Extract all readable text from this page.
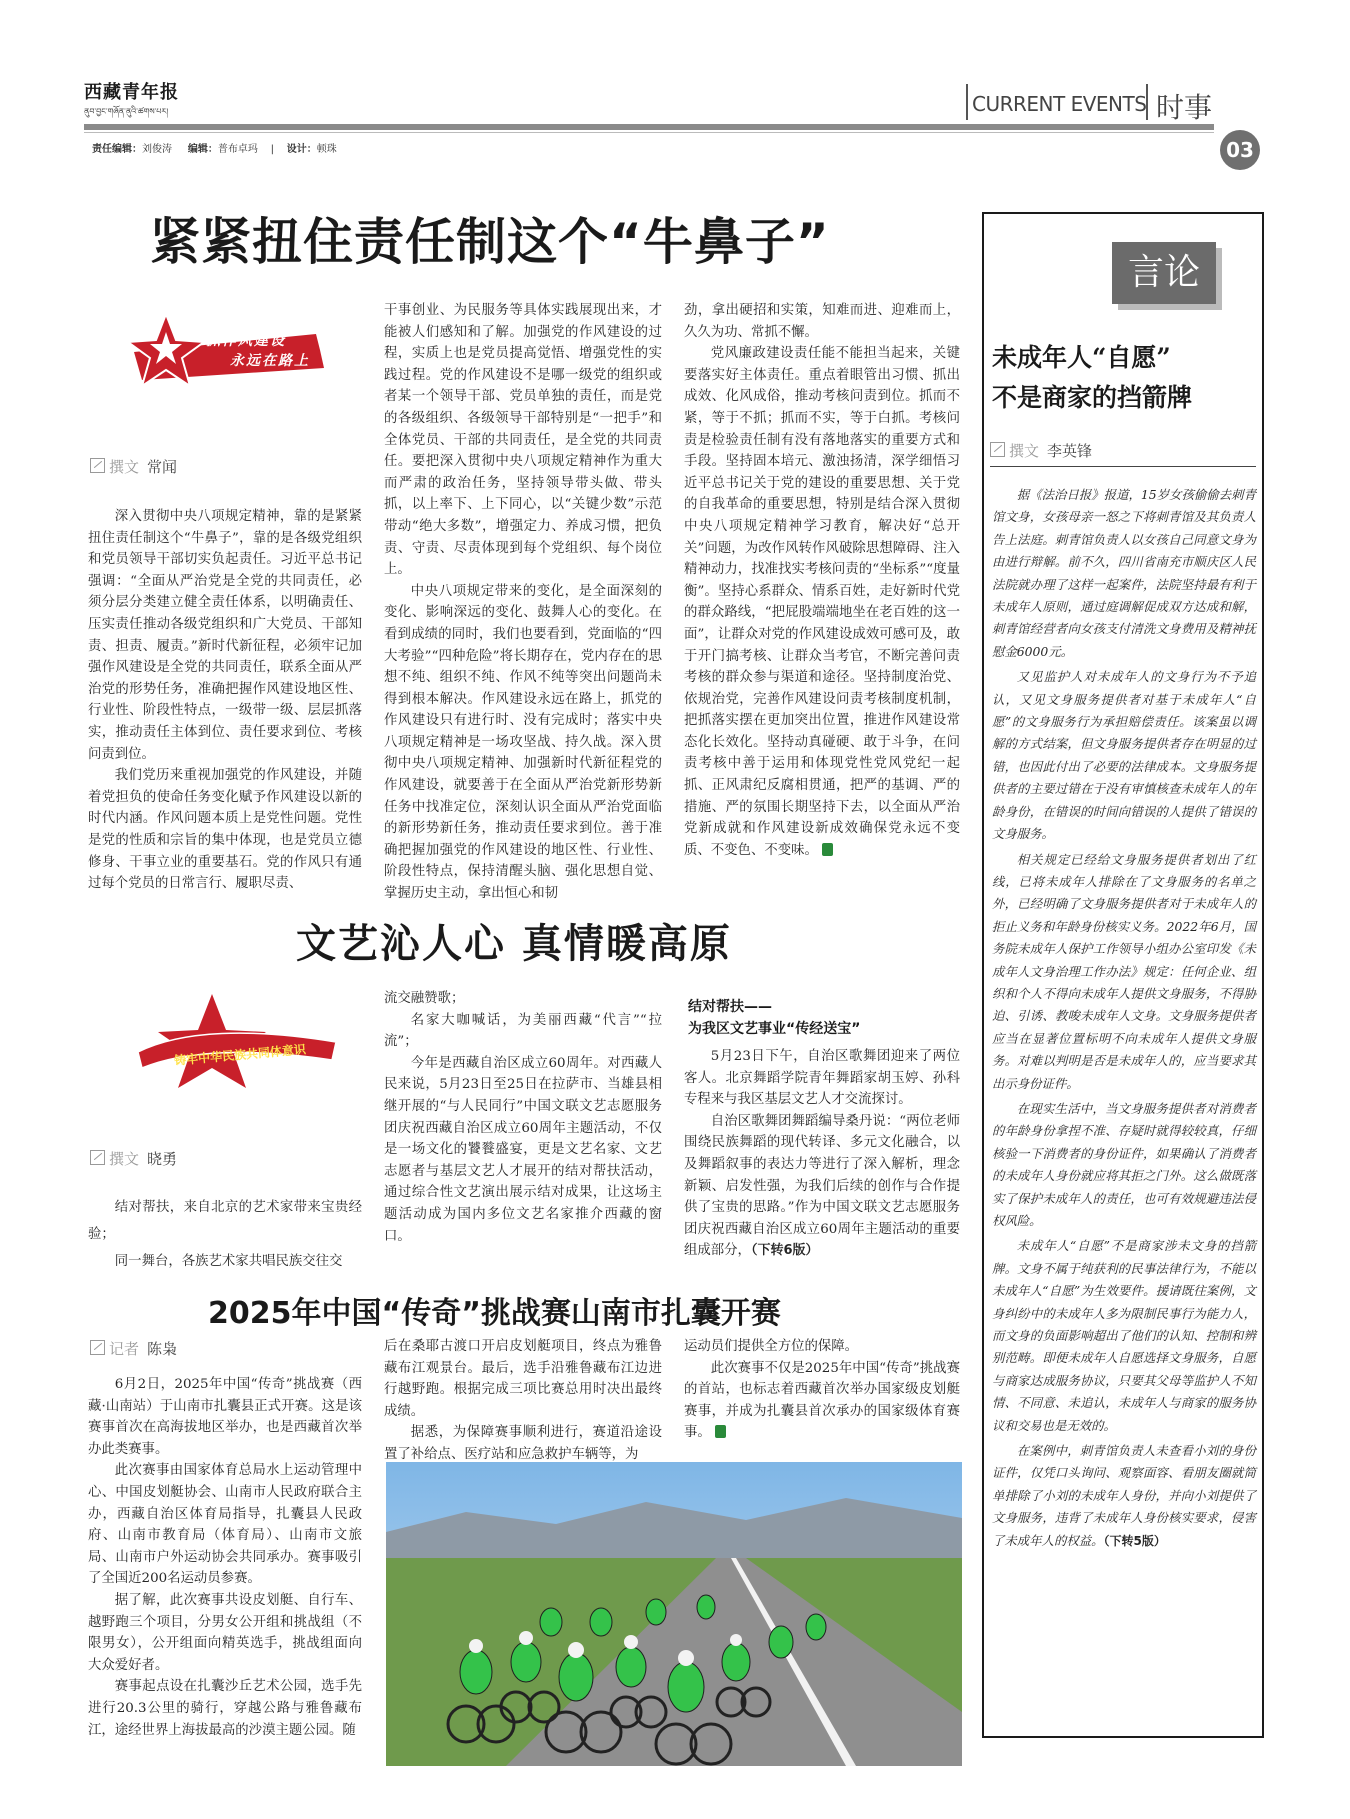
西藏青年报
ནུབ་བྱང་གཞོན་ནུའི་ཚགས་པར།	CURRENT EVENTS 时事
03
责任编辑：刘俊涛 编辑：普布卓玛 | 设计：顿珠
紧紧扭住责任制这个“牛鼻子”
抓作风建设
永远在路上
撰文 常闻

深入贯彻中央八项规定精神，靠的是紧紧扭住责任制这个“牛鼻子”，靠的是各级党组织和党员领导干部切实负起责任。习近平总书记强调：“全面从严治党是全党的共同责任，必须分层分类建立健全责任体系，以明确责任、压实责任推动各级党组织和广大党员、干部知责、担责、履责。”新时代新征程，必须牢记加强作风建设是全党的共同责任，联系全面从严治党的形势任务，准确把握作风建设地区性、行业性、阶段性特点，一级带一级、层层抓落实，推动责任主体到位、责任要求到位、考核问责到位。

我们党历来重视加强党的作风建设，并随着党担负的使命任务变化赋予作风建设以新的时代内涵。作风问题本质上是党性问题。党性是党的性质和宗旨的集中体现，也是党员立德修身、干事立业的重要基石。党的作风只有通过每个党员的日常言行、履职尽责、

干事创业、为民服务等具体实践展现出来，才能被人们感知和了解。加强党的作风建设的过程，实质上也是党员提高觉悟、增强党性的实践过程。党的作风建设不是哪一级党的组织或者某一个领导干部、党员单独的责任，而是党的各级组织、各级领导干部特别是“一把手”和全体党员、干部的共同责任，是全党的共同责任。要把深入贯彻中央八项规定精神作为重大而严肃的政治任务，坚持领导带头做、带头抓，以上率下、上下同心，以“关键少数”示范带动“绝大多数”，增强定力、养成习惯，把负责、守责、尽责体现到每个党组织、每个岗位上。

中央八项规定带来的变化，是全面深刻的变化、影响深远的变化、鼓舞人心的变化。在看到成绩的同时，我们也要看到，党面临的“四大考验”“四种危险”将长期存在，党内存在的思想不纯、组织不纯、作风不纯等突出问题尚未得到根本解决。作风建设永远在路上，抓党的作风建设只有进行时、没有完成时；落实中央八项规定精神是一场攻坚战、持久战。深入贯彻中央八项规定精神、加强新时代新征程党的作风建设，就要善于在全面从严治党新形势新任务中找准定位，深刻认识全面从严治党面临的新形势新任务，推动责任要求到位。善于准确把握加强党的作风建设的地区性、行业性、阶段性特点，保持清醒头脑、强化思想自觉、掌握历史主动，拿出恒心和韧

劲，拿出硬招和实策，知难而进、迎难而上，久久为功、常抓不懈。

党风廉政建设责任能不能担当起来，关键要落实好主体责任。重点着眼管出习惯、抓出成效、化风成俗，推动考核问责到位。抓而不紧，等于不抓；抓而不实，等于白抓。考核问责是检验责任制有没有落地落实的重要方式和手段。坚持固本培元、激浊扬清，深学细悟习近平总书记关于党的建设的重要思想、关于党的自我革命的重要思想，特别是结合深入贯彻中央八项规定精神学习教育，解决好“总开关”问题，为改作风转作风破除思想障碍、注入精神动力，找准找实考核问责的“坐标系”“度量衡”。坚持心系群众、情系百姓，走好新时代党的群众路线，“把屁股端端地坐在老百姓的这一面”，让群众对党的作风建设成效可感可及，敢于开门搞考核、让群众当考官，不断完善问责考核的群众参与渠道和途径。坚持制度治党、依规治党，完善作风建设问责考核制度机制，把抓落实摆在更加突出位置，推进作风建设常态化长效化。坚持动真碰硬、敢于斗争，在问责考核中善于运用和体现党性党风党纪一起抓、正风肃纪反腐相贯通，把严的基调、严的措施、严的氛围长期坚持下去，以全面从严治党新成就和作风建设新成效确保党永远不变质、不变色、不变味。

文艺沁人心 真情暖高原
铸牢中华民族共同体意识
撰文 晓勇

结对帮扶，来自北京的艺术家带来宝贵经验；

同一舞台，各族艺术家共唱民族交往交

流交融赞歌；

名家大咖喊话，为美丽西藏“代言”“拉流”；

今年是西藏自治区成立60周年。对西藏人民来说，5月23日至25日在拉萨市、当雄县相继开展的“与人民同行”中国文联文艺志愿服务团庆祝西藏自治区成立60周年主题活动，不仅是一场文化的饕餮盛宴，更是文艺名家、文艺志愿者与基层文艺人才展开的结对帮扶活动，通过综合性文艺演出展示结对成果，让这场主题活动成为国内多位文艺名家推介西藏的窗口。

结对帮扶——
为我区文艺事业“传经送宝”

5月23日下午，自治区歌舞团迎来了两位客人。北京舞蹈学院青年舞蹈家胡玉婷、孙科专程来与我区基层文艺人才交流探讨。

自治区歌舞团舞蹈编导桑丹说：“两位老师围绕民族舞蹈的现代转译、多元文化融合，以及舞蹈叙事的表达力等进行了深入解析，理念新颖、启发性强，为我们后续的创作与合作提供了宝贵的思路。”作为中国文联文艺志愿服务团庆祝西藏自治区成立60周年主题活动的重要组成部分，（下转6版）

2025年中国“传奇”挑战赛山南市扎囊开赛
记者 陈枭

6月2日，2025年中国“传奇”挑战赛（西藏·山南站）于山南市扎囊县正式开赛。这是该赛事首次在高海拔地区举办，也是西藏首次举办此类赛事。

此次赛事由国家体育总局水上运动管理中心、中国皮划艇协会、山南市人民政府联合主办，西藏自治区体育局指导，扎囊县人民政府、山南市教育局（体育局）、山南市文旅局、山南市户外运动协会共同承办。赛事吸引了全国近200名运动员参赛。

据了解，此次赛事共设皮划艇、自行车、越野跑三个项目，分男女公开组和挑战组（不限男女），公开组面向精英选手，挑战组面向大众爱好者。

赛事起点设在扎囊沙丘艺术公园，选手先进行20.3公里的骑行，穿越公路与雅鲁藏布江，途经世界上海拔最高的沙漠主题公园。随

后在桑耶古渡口开启皮划艇项目，终点为雅鲁藏布江观景台。最后，选手沿雅鲁藏布江边进行越野跑。根据完成三项比赛总用时决出最终成绩。

据悉，为保障赛事顺利进行，赛道沿途设置了补给点、医疗站和应急救护车辆等，为

运动员们提供全方位的保障。

此次赛事不仅是2025年中国“传奇”挑战赛的首站，也标志着西藏首次举办国家级皮划艇赛事，并成为扎囊县首次承办的国家级体育赛事。

言论
未成年人“自愿”
不是商家的挡箭牌
撰文 李英锋

据《法治日报》报道，15岁女孩偷偷去刺青馆文身，女孩母亲一怒之下将刺青馆及其负责人告上法庭。刺青馆负责人以女孩自己同意文身为由进行辩解。前不久，四川省南充市顺庆区人民法院就办理了这样一起案件，法院坚持最有利于未成年人原则，通过庭调解促成双方达成和解，刺青馆经营者向女孩支付清洗文身费用及精神抚慰金6000元。

又见监护人对未成年人的文身行为不予追认，又见文身服务提供者对基于未成年人“自愿”的文身服务行为承担赔偿责任。该案虽以调解的方式结案，但文身服务提供者存在明显的过错，也因此付出了必要的法律成本。文身服务提供者的主要过错在于没有审慎核查未成年人的年龄身份，在错误的时间向错误的人提供了错误的文身服务。

相关规定已经给文身服务提供者划出了红线，已将未成年人排除在了文身服务的名单之外，已经明确了文身服务提供者对于未成年人的拒止义务和年龄身份核实义务。2022年6月，国务院未成年人保护工作领导小组办公室印发《未成年人文身治理工作办法》规定：任何企业、组织和个人不得向未成年人提供文身服务，不得胁迫、引诱、教唆未成年人文身。文身服务提供者应当在显著位置标明不向未成年人提供文身服务。对难以判明是否是未成年人的，应当要求其出示身份证件。

在现实生活中，当文身服务提供者对消费者的年龄身份拿捏不准、存疑时就得较较真，仔细核验一下消费者的身份证件，如果确认了消费者的未成年人身份就应将其拒之门外。这么做既落实了保护未成年人的责任，也可有效规避违法侵权风险。

未成年人“自愿”不是商家涉未文身的挡箭牌。文身不属于纯获利的民事法律行为，不能以未成年人“自愿”为生效要件。援请既往案例，文身纠纷中的未成年人多为限制民事行为能力人，而文身的负面影响超出了他们的认知、控制和辨别范畴。即便未成年人自愿选择文身服务，自愿与商家达成服务协议，只要其父母等监护人不知情、不同意、未追认，未成年人与商家的服务协议和交易也是无效的。

在案例中，刺青馆负责人未查看小刘的身份证件，仅凭口头询问、观察面容、看朋友圈就简单排除了小刘的未成年人身份，并向小刘提供了文身服务，违背了未成年人身份核实要求，侵害了未成年人的权益。（下转5版）
